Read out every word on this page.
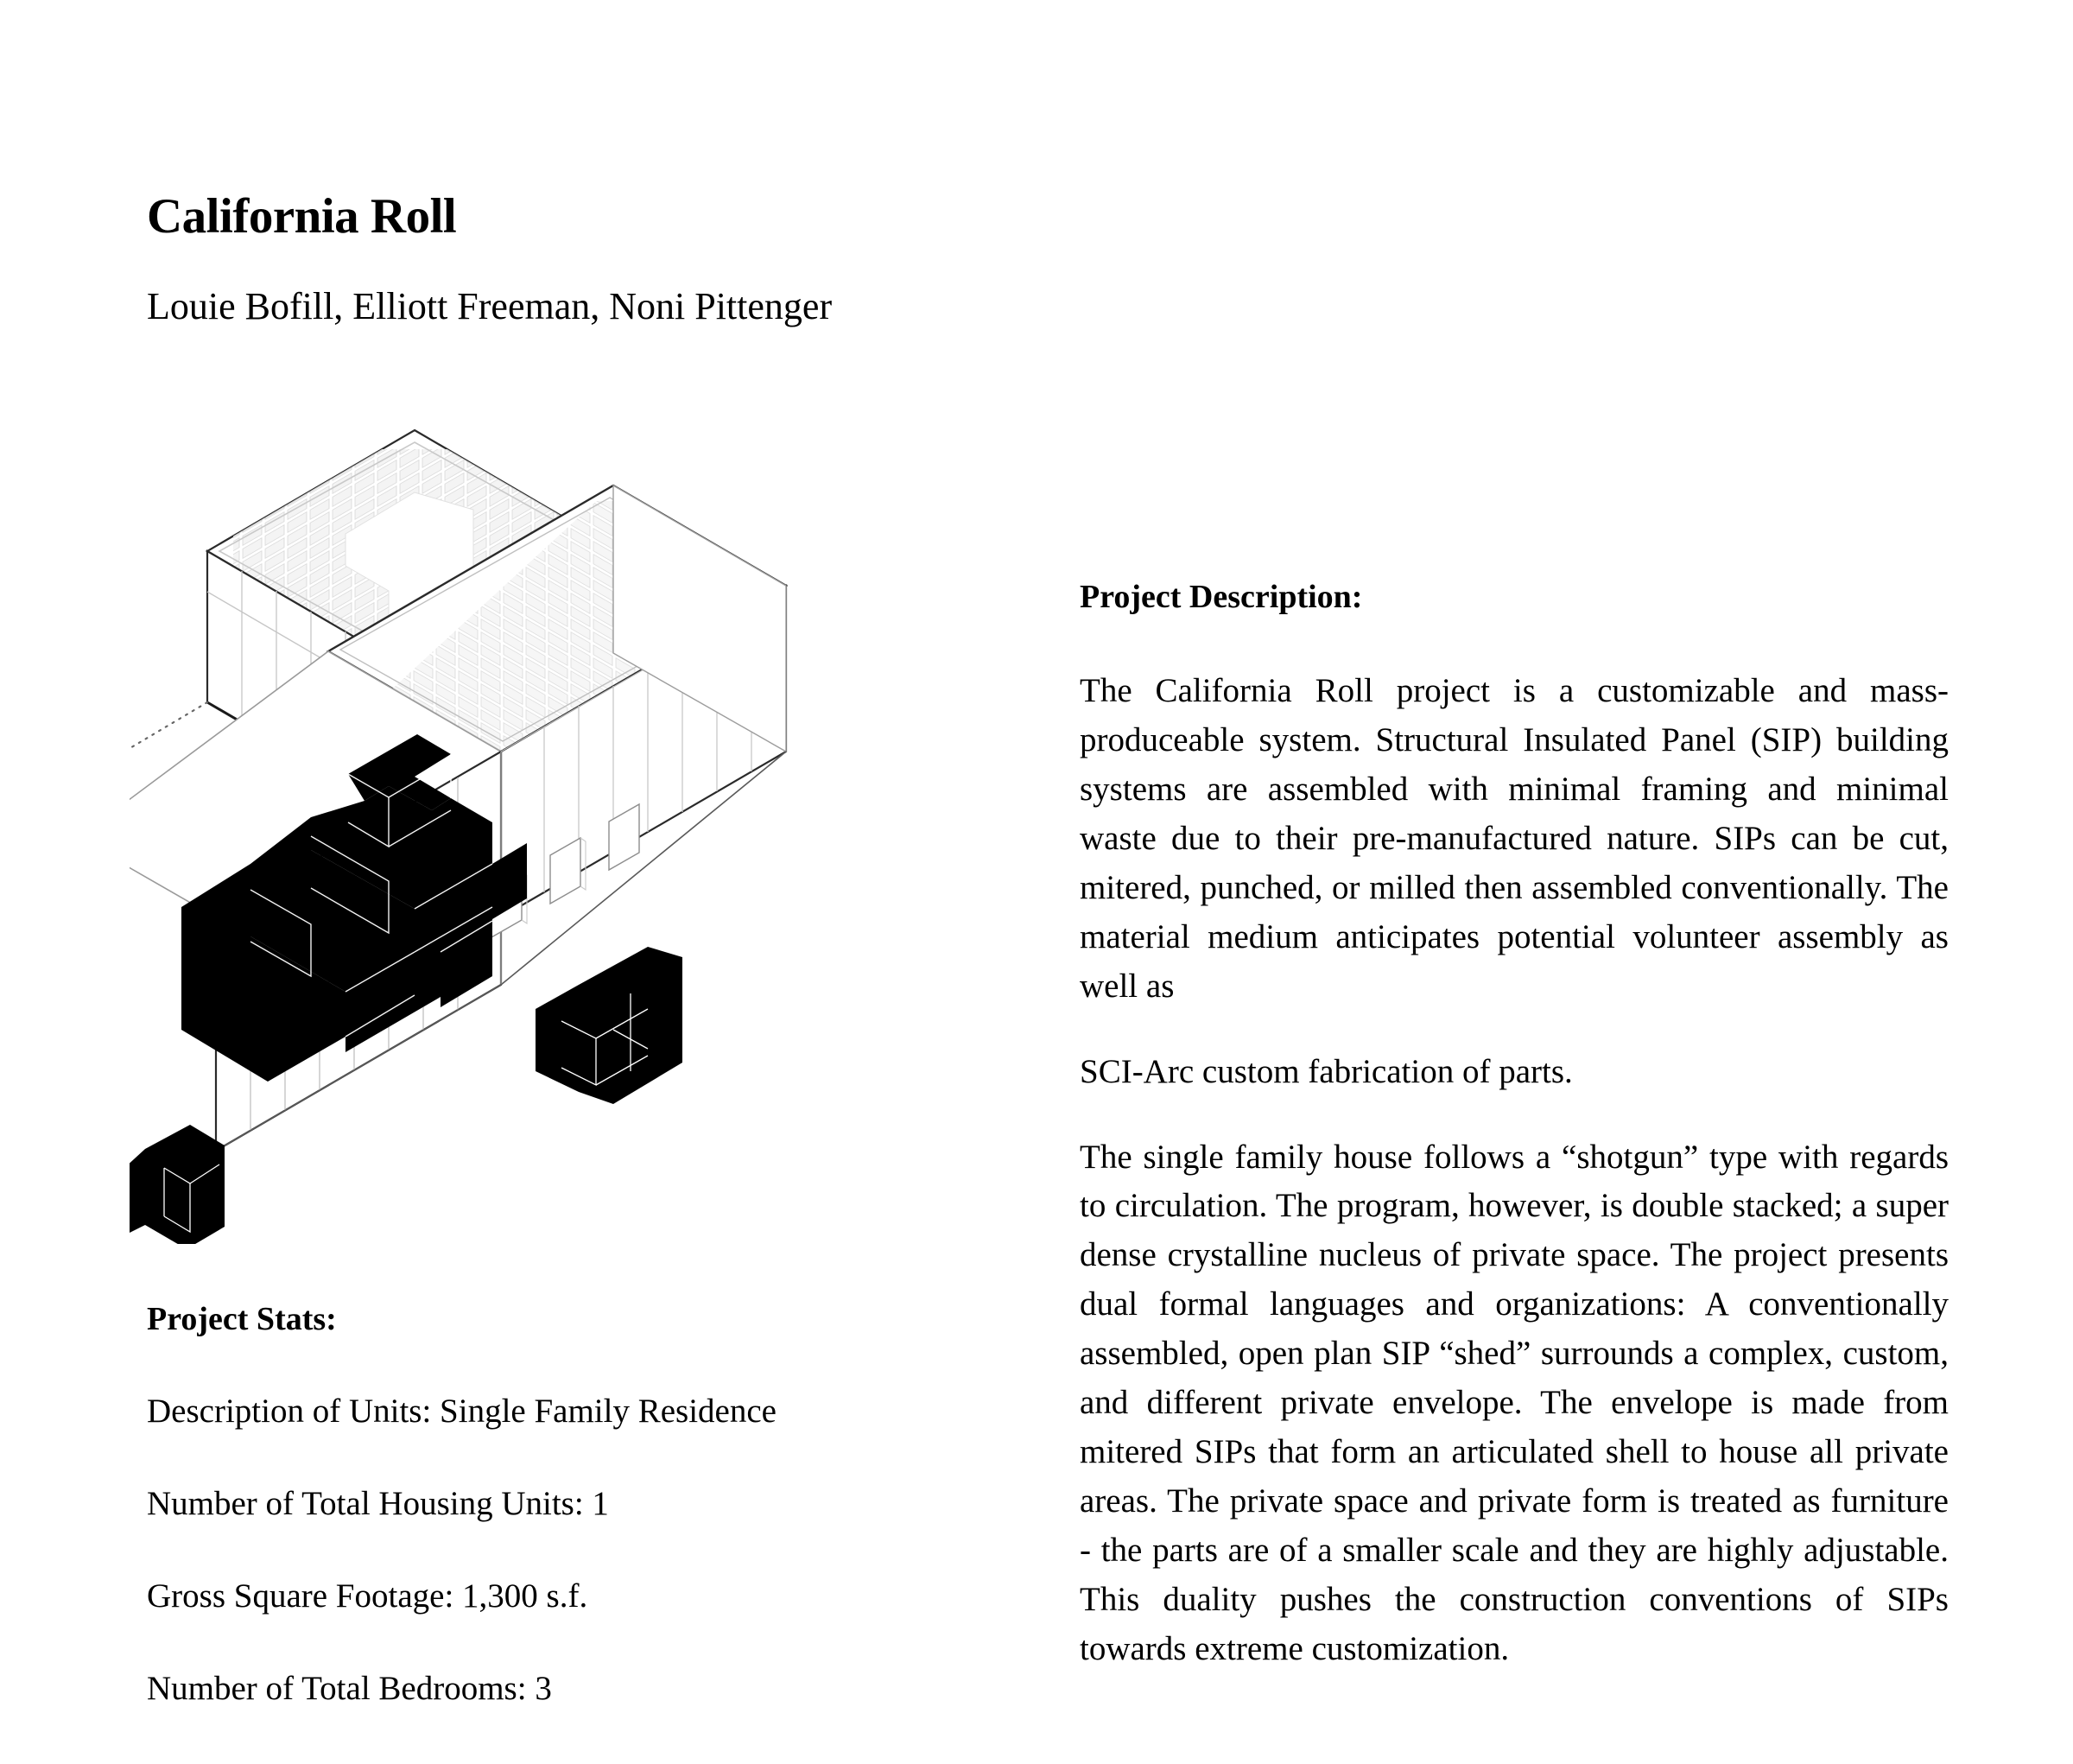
California Roll
Louie Bofill, Elliott Freeman, Noni Pittenger
Project Stats:
Description of Units: Single Family Residence
Number of Total Housing Units: 1
Gross Square Footage: 1,300 s.f.
Number of Total Bedrooms: 3
Project Description:

The California Roll project is a customizable and mass-produceable system. Structural Insulated Panel (SIP) building systems are assembled with minimal framing and minimal waste due to their pre-manufactured nature. SIPs can be cut, mitered, punched, or milled then assembled conventionally. The material medium anticipates potential volunteer assembly as well as

SCI-Arc custom fabrication of parts.

The single family house follows a “shotgun” type with regards to circulation. The program, however, is double stacked; a super dense crystalline nucleus of private space. The project presents dual formal languages and organizations: A conventionally assembled, open plan SIP “shed” surrounds a complex, custom, and different private envelope. The envelope is made from mitered SIPs that form an articulated shell to house all private areas. The private space and private form is treated as furniture - the parts are of a smaller scale and they are highly adjustable. This duality pushes the construction conventions of SIPs towards extreme customization.
